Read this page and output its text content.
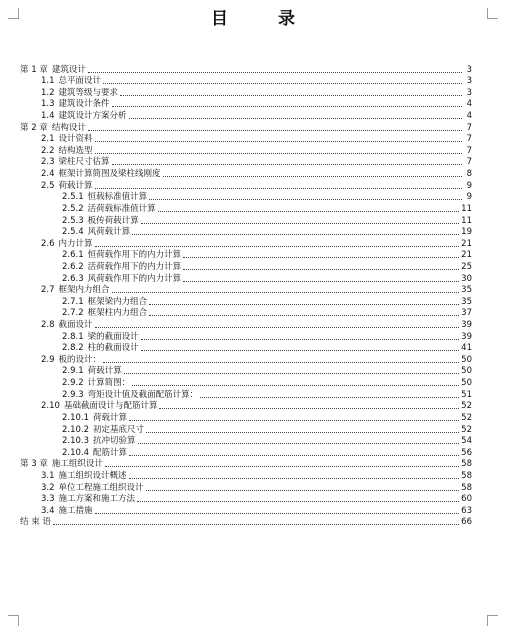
目 录
第 1 章 建筑设计	3
1.1 总平面设计	3
1.2 建筑等级与要求	3
1.3 建筑设计条件	4
1.4 建筑设计方案分析	4
第 2 章 结构设计	7
2.1 设计资料	7
2.2 结构选型	7
2.3 梁柱尺寸估算	7
2.4 框架计算简图及梁柱线刚度	8
2.5 荷载计算	9
2.5.1 恒载标准值计算	9
2.5.2 活荷载标准值计算	11
2.5.3 板传荷载计算	11
2.5.4 风荷载计算	19
2.6 内力计算	21
2.6.1 恒荷载作用下的内力计算	21
2.6.2 活荷载作用下的内力计算	25
2.6.3 风荷载作用下的内力计算	30
2.7 框架内力组合	35
2.7.1 框架梁内力组合	35
2.7.2 框架柱内力组合	37
2.8 截面设计	39
2.8.1 梁的截面设计	39
2.8.2 柱的截面设计	41
2.9 板的设计：	50
2.9.1 荷载计算	50
2.9.2 计算简图：	50
2.9.3 弯矩设计值及截面配筋计算：	51
2.10 基础截面设计与配筋计算	52
2.10.1 荷载计算	52
2.10.2 初定基底尺寸	52
2.10.3 抗冲切验算	54
2.10.4 配筋计算	56
第 3 章 施工组织设计	58
3.1 施工组织设计概述	58
3.2 单位工程施工组织设计	58
3.3 施工方案和施工方法	60
3.4 施工措施	63
结 束 语	66
